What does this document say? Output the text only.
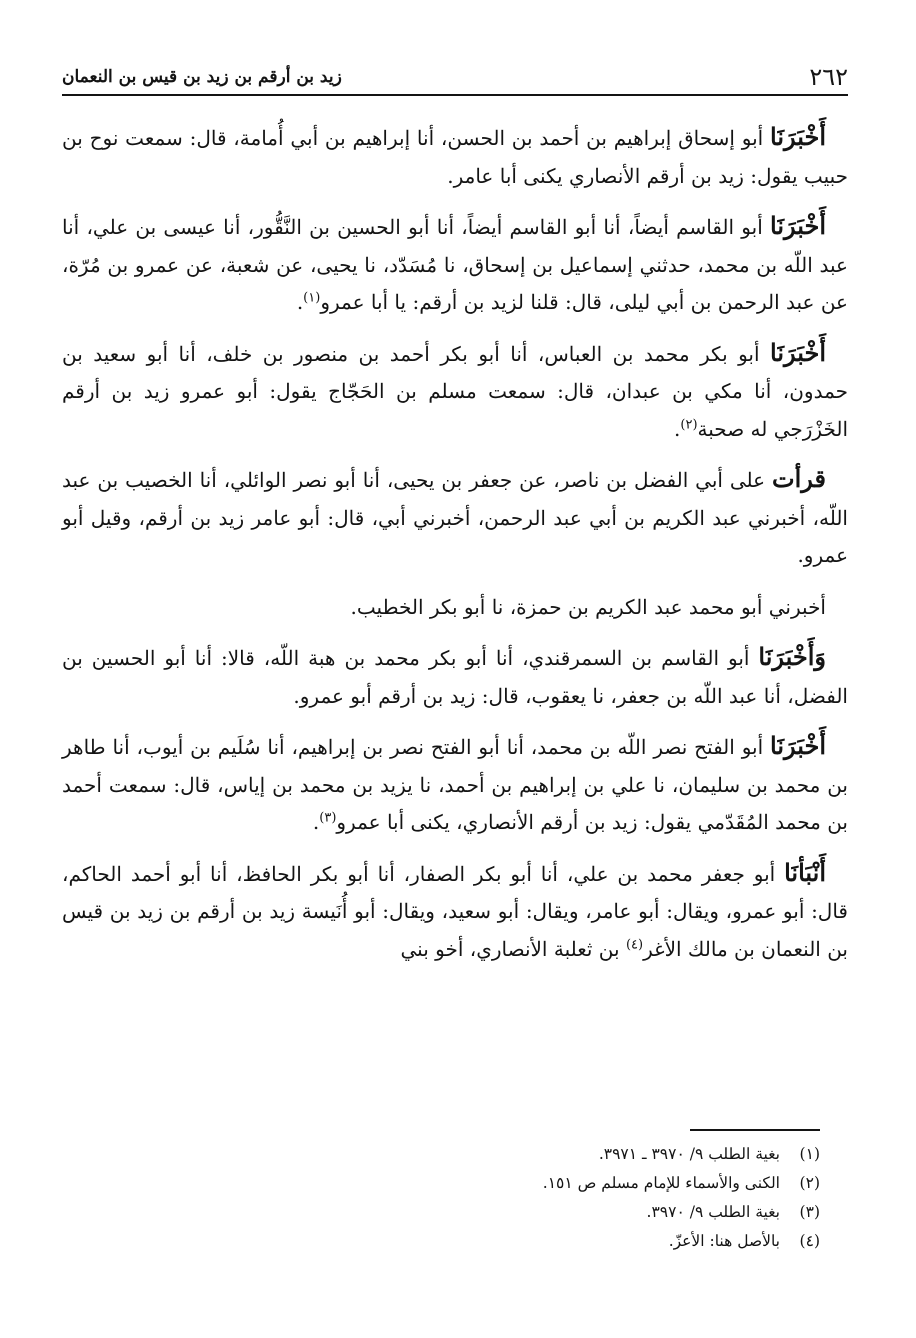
٢٦٢
زيد بن أرقم بن زيد بن قيس بن النعمان

أَخْبَرَنَا أبو إسحاق إبراهيم بن أحمد بن الحسن، أنا إبراهيم بن أبي أُمامة، قال: سمعت نوح بن حبيب يقول: زيد بن أرقم الأنصاري يكنى أبا عامر.

أَخْبَرَنَا أبو القاسم أيضاً، أنا أبو القاسم أيضاً، أنا أبو الحسين بن النَّقُّور، أنا عيسى بن علي، أنا عبد اللّه بن محمد، حدثني إسماعيل بن إسحاق، نا مُسَدّد، نا يحيى، عن شعبة، عن عمرو بن مُرّة، عن عبد الرحمن بن أبي ليلى، قال: قلنا لزيد بن أرقم: يا أبا عمرو$^{(١)}$.

أَخْبَرَنَا أبو بكر محمد بن العباس، أنا أبو بكر أحمد بن منصور بن خلف، أنا أبو سعيد بن حمدون، أنا مكي بن عبدان، قال: سمعت مسلم بن الحَجّاج يقول: أبو عمرو زيد بن أرقم الخَزْرَجي له صحبة$^{(٢)}$.

قرأت على أبي الفضل بن ناصر، عن جعفر بن يحيى، أنا أبو نصر الوائلي، أنا الخصيب بن عبد اللّه، أخبرني عبد الكريم بن أبي عبد الرحمن، أخبرني أبي، قال: أبو عامر زيد بن أرقم، وقيل أبو عمرو.

أخبرني أبو محمد عبد الكريم بن حمزة، نا أبو بكر الخطيب.

وَأَخْبَرَنَا أبو القاسم بن السمرقندي، أنا أبو بكر محمد بن هبة اللّه، قالا: أنا أبو الحسين بن الفضل، أنا عبد اللّه بن جعفر، نا يعقوب، قال: زيد بن أرقم أبو عمرو.

أَخْبَرَنَا أبو الفتح نصر اللّه بن محمد، أنا أبو الفتح نصر بن إبراهيم، أنا سُلَيم بن أيوب، أنا طاهر بن محمد بن سليمان، نا علي بن إبراهيم بن أحمد، نا يزيد بن محمد بن إياس، قال: سمعت أحمد بن محمد المُقَدّمي يقول: زيد بن أرقم الأنصاري، يكنى أبا عمرو$^{(٣)}$.

أَنْبَأنَا أبو جعفر محمد بن علي، أنا أبو بكر الصفار، أنا أبو بكر الحافظ، أنا أبو أحمد الحاكم، قال: أبو عمرو، ويقال: أبو عامر، ويقال: أبو سعيد، ويقال: أبو أُنَيسة زيد بن أرقم بن زيد بن قيس بن النعمان بن مالك الأغر$^{(٤)}$ بن ثعلبة الأنصاري، أخو بني

(١)
بغية الطلب ٩/ ٣٩٧٠ ـ ٣٩٧١.
(٢)
الكنى والأسماء للإمام مسلم ص ١٥١.
(٣)
بغية الطلب ٩/ ٣٩٧٠.
(٤)
بالأصل هنا: الأعزّ.
